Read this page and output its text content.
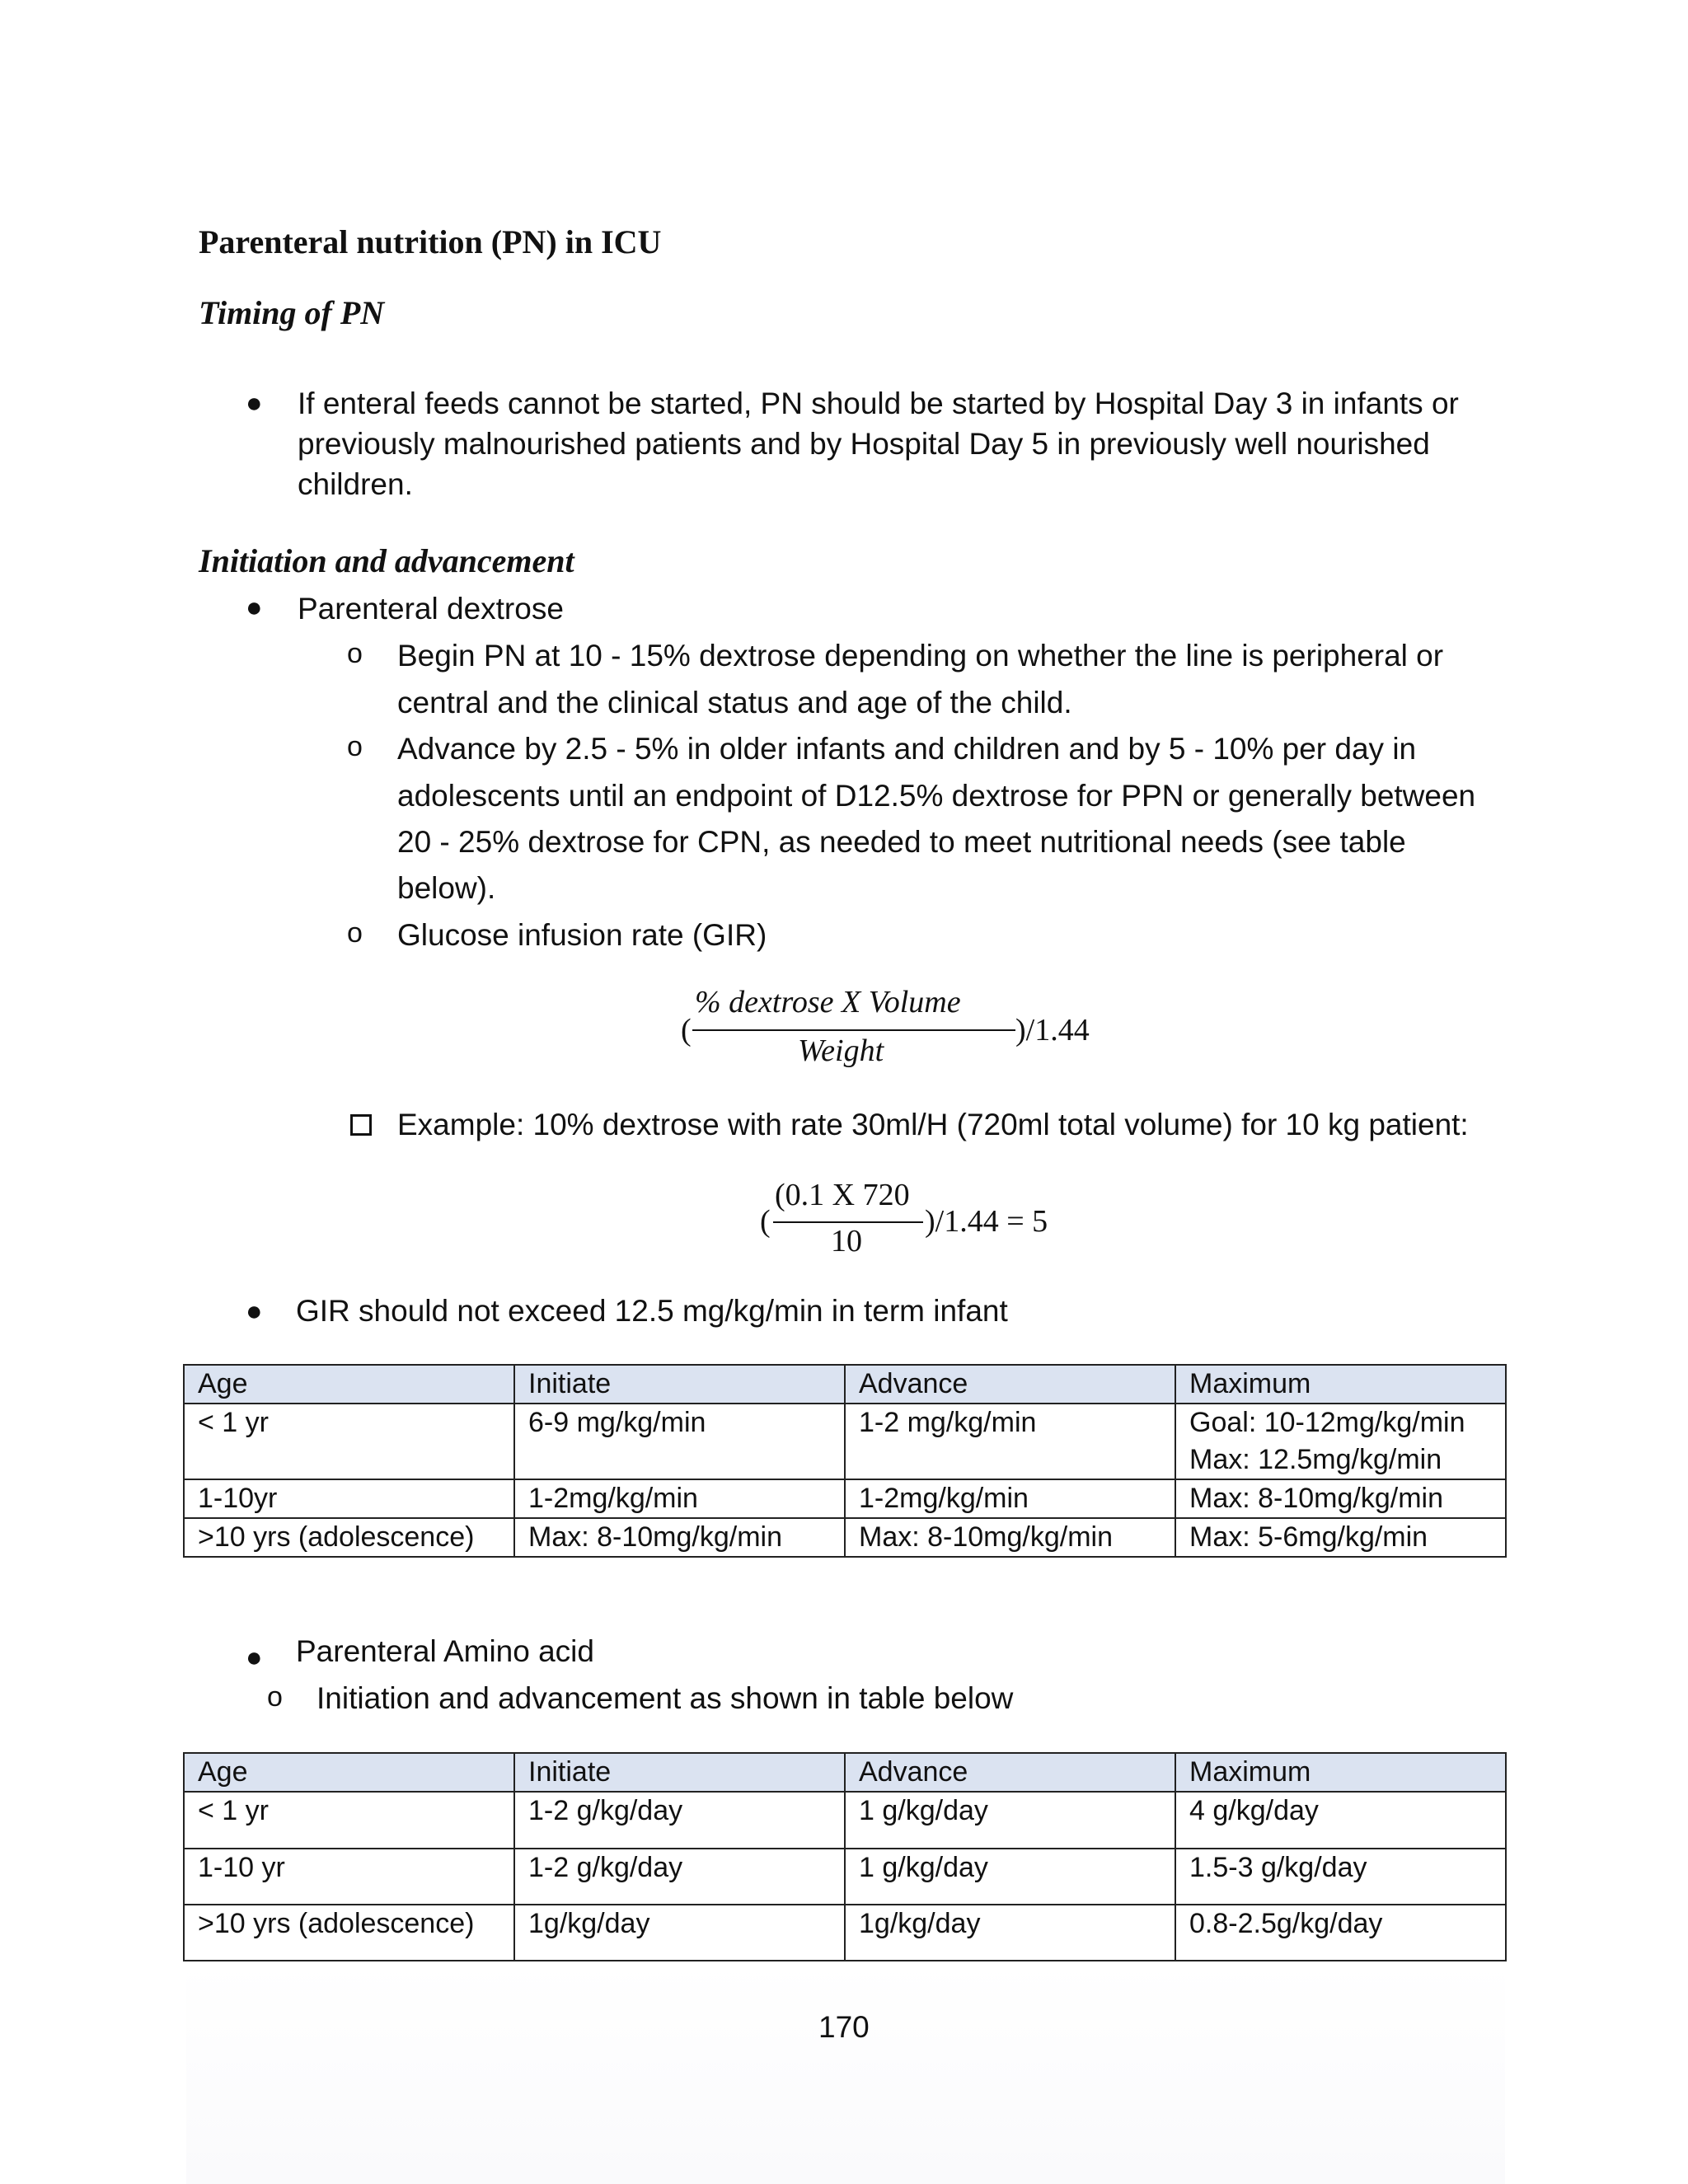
Parenteral nutrition (PN) in ICU
Timing of PN
● If enteral feeds cannot be started, PN should be started by Hospital Day 3 in infants or
previously malnourished patients and by Hospital Day 5 in previously well nourished
children.
Initiation and advancement
● Parenteral dextrose
o Begin PN at 10 - 15% dextrose depending on whether the line is peripheral or
central and the clinical status and age of the child.
o Advance by 2.5 - 5% in older infants and children and by 5 - 10% per day in
adolescents until an endpoint of D12.5% dextrose for PPN or generally between
20 - 25% dextrose for CPN, as needed to meet nutritional needs (see table
below).
o Glucose infusion rate (GIR)
(
% dextrose X Volume
Weight
)/1.44
Example: 10% dextrose with rate 30ml/H (720ml total volume) for 10 kg patient:
(
(0.1 X 720
10
)/1.44 = 5
● GIR should not exceed 12.5 mg/kg/min in term infant
Age	Initiate	Advance	Maximum
< 1 yr	6-9 mg/kg/min	1-2 mg/kg/min	Goal: 10-12mg/kg/min
Max: 12.5mg/kg/min

1-10yr	1-2mg/kg/min	1-2mg/kg/min	Max: 8-10mg/kg/min
>10 yrs (adolescence)	Max: 8-10mg/kg/min	Max: 8-10mg/kg/min	Max: 5-6mg/kg/min
● Parenteral Amino acid
o Initiation and advancement as shown in table below
Age	Initiate	Advance	Maximum
< 1 yr	1-2 g/kg/day	1 g/kg/day	4 g/kg/day
1-10 yr	1-2 g/kg/day	1 g/kg/day	1.5-3 g/kg/day
>10 yrs (adolescence)	1g/kg/day	1g/kg/day	0.8-2.5g/kg/day
170
